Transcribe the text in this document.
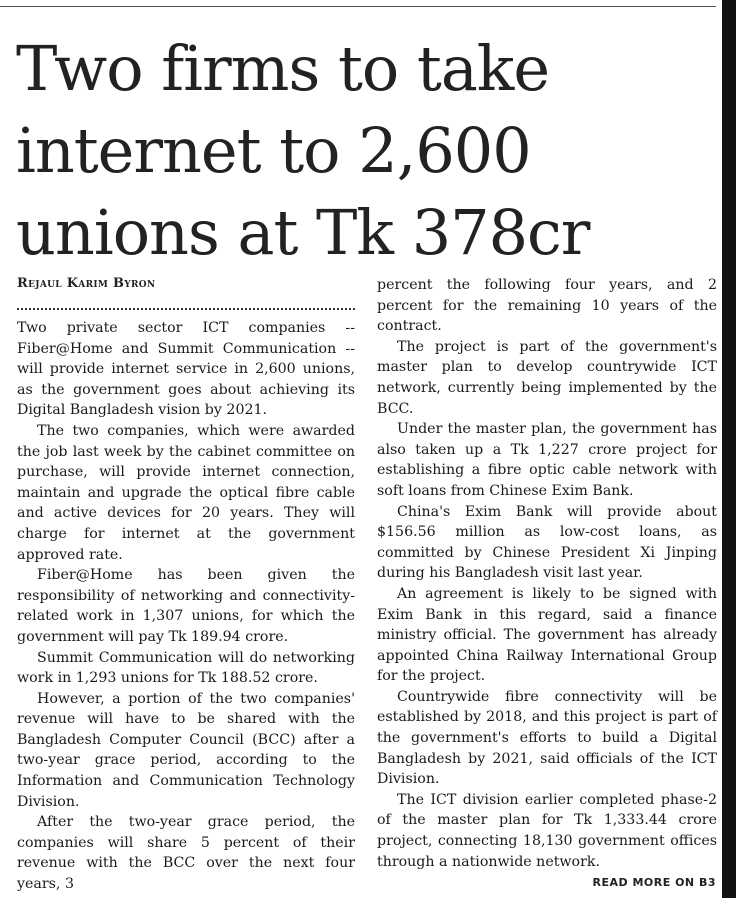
Two firms to take internet to 2,600 unions at Tk 378cr
Rejaul Karim Byron

Two private sector ICT companies -- Fiber@Home and Summit Communication -- will provide internet service in 2,600 unions, as the government goes about achieving its Digital Bangladesh vision by 2021.

The two companies, which were awarded the job last week by the cabinet committee on purchase, will provide internet connection, maintain and upgrade the optical fibre cable and active devices for 20 years. They will charge for internet at the government approved rate.

Fiber@Home has been given the responsibility of networking and connectivity-related work in 1,307 unions, for which the government will pay Tk 189.94 crore.

Summit Communication will do networking work in 1,293 unions for Tk 188.52 crore.

However, a portion of the two companies' revenue will have to be shared with the Bangladesh Computer Council (BCC) after a two-year grace period, according to the Information and Communication Technology Division.

After the two-year grace period, the companies will share 5 percent of their revenue with the BCC over the next four years, 3

percent the following four years, and 2 percent for the remaining 10 years of the contract.

The project is part of the government's master plan to develop countrywide ICT network, currently being implemented by the BCC.

Under the master plan, the government has also taken up a Tk 1,227 crore project for establishing a fibre optic cable network with soft loans from Chinese Exim Bank.

China's Exim Bank will provide about $156.56 million as low-cost loans, as committed by Chinese President Xi Jinping during his Bangladesh visit last year.

An agreement is likely to be signed with Exim Bank in this regard, said a finance ministry official. The government has already appointed China Railway International Group for the project.

Countrywide fibre connectivity will be established by 2018, and this project is part of the government's efforts to build a Digital Bangladesh by 2021, said officials of the ICT Division.

The ICT division earlier completed phase-2 of the master plan for Tk 1,333.44 crore project, connecting 18,130 government offices through a nationwide network.

READ MORE ON B3
